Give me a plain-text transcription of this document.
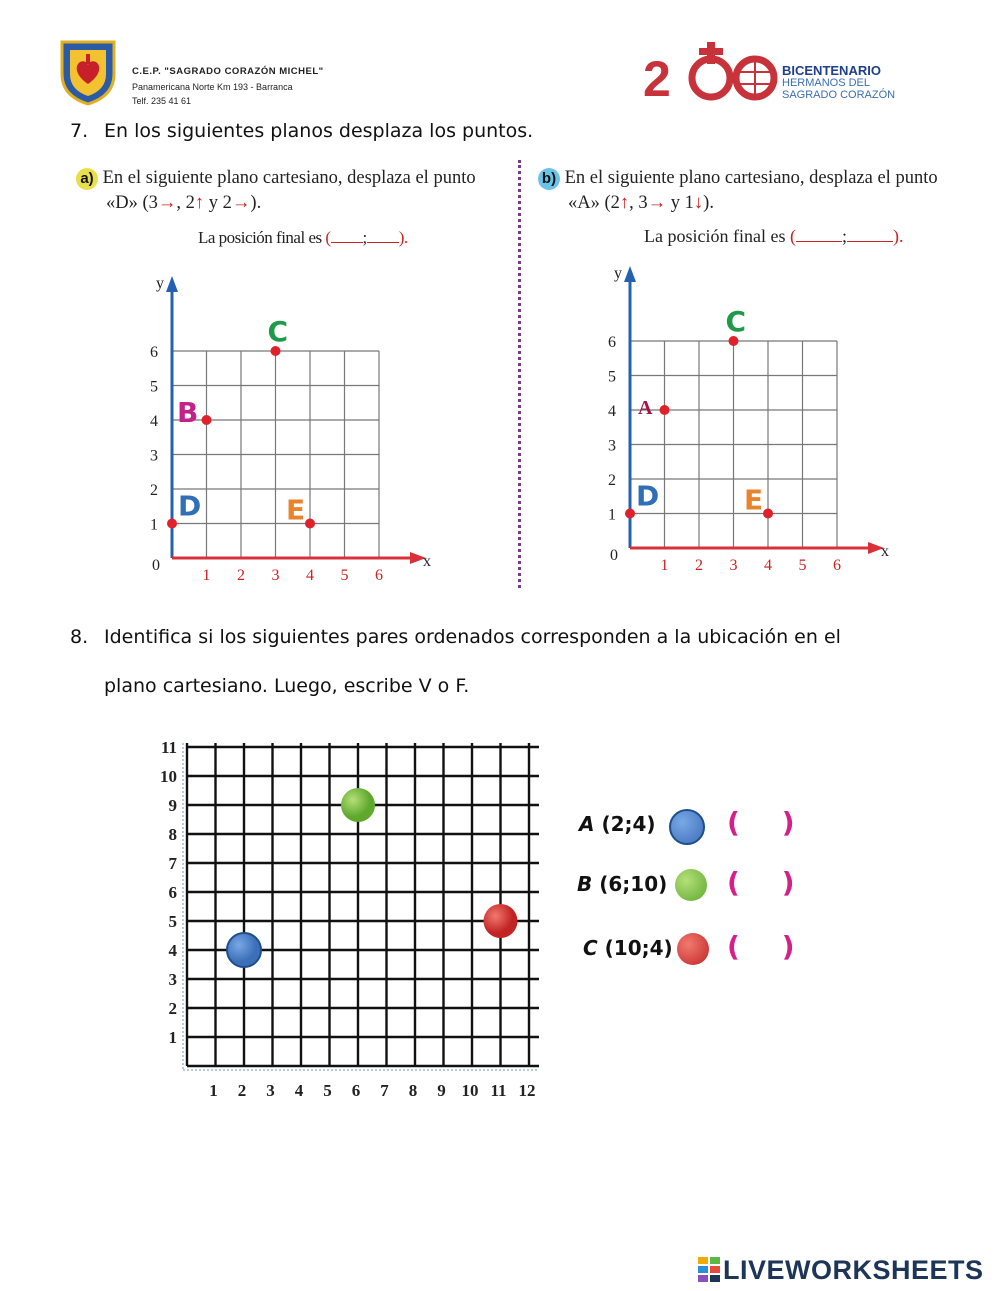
C.E.P. "SAGRADO CORAZÓN MICHEL"
Panamericana Norte Km 193 - Barranca
Telf. 235 41 61	2	BICENTENARIO
HERMANOS DEL
SAGRADO CORAZÓN
7. En los siguientes planos desplaza los puntos.
a) En el siguiente plano cartesiano, desplaza el punto
«D» (3→, 2↑ y 2→).
La posición final es ( ; ).
b) En el siguiente plano cartesiano, desplaza el punto
«A» (2↑, 3→ y 1↓).
La posición final es (	;	).
y
x
1
2
3
4
5
6
0
1 2 3 4 5 6
C
B
D	E
y
x
1
2
3
4
5
6
0
1 2 3 4 5 6
C
A
D	E
8. Identifica si los siguientes pares ordenados corresponden a la ubicación en el
plano cartesiano. Luego, escribe V o F.
1
2
3
4
5
6
7
8
9
10
11
1 2 3 4 5 6 7 8 9 10 11 12
A (2;4)	( )
B (6;10) ( )
C (10;4) ( )
LIVEWORKSHEETS
